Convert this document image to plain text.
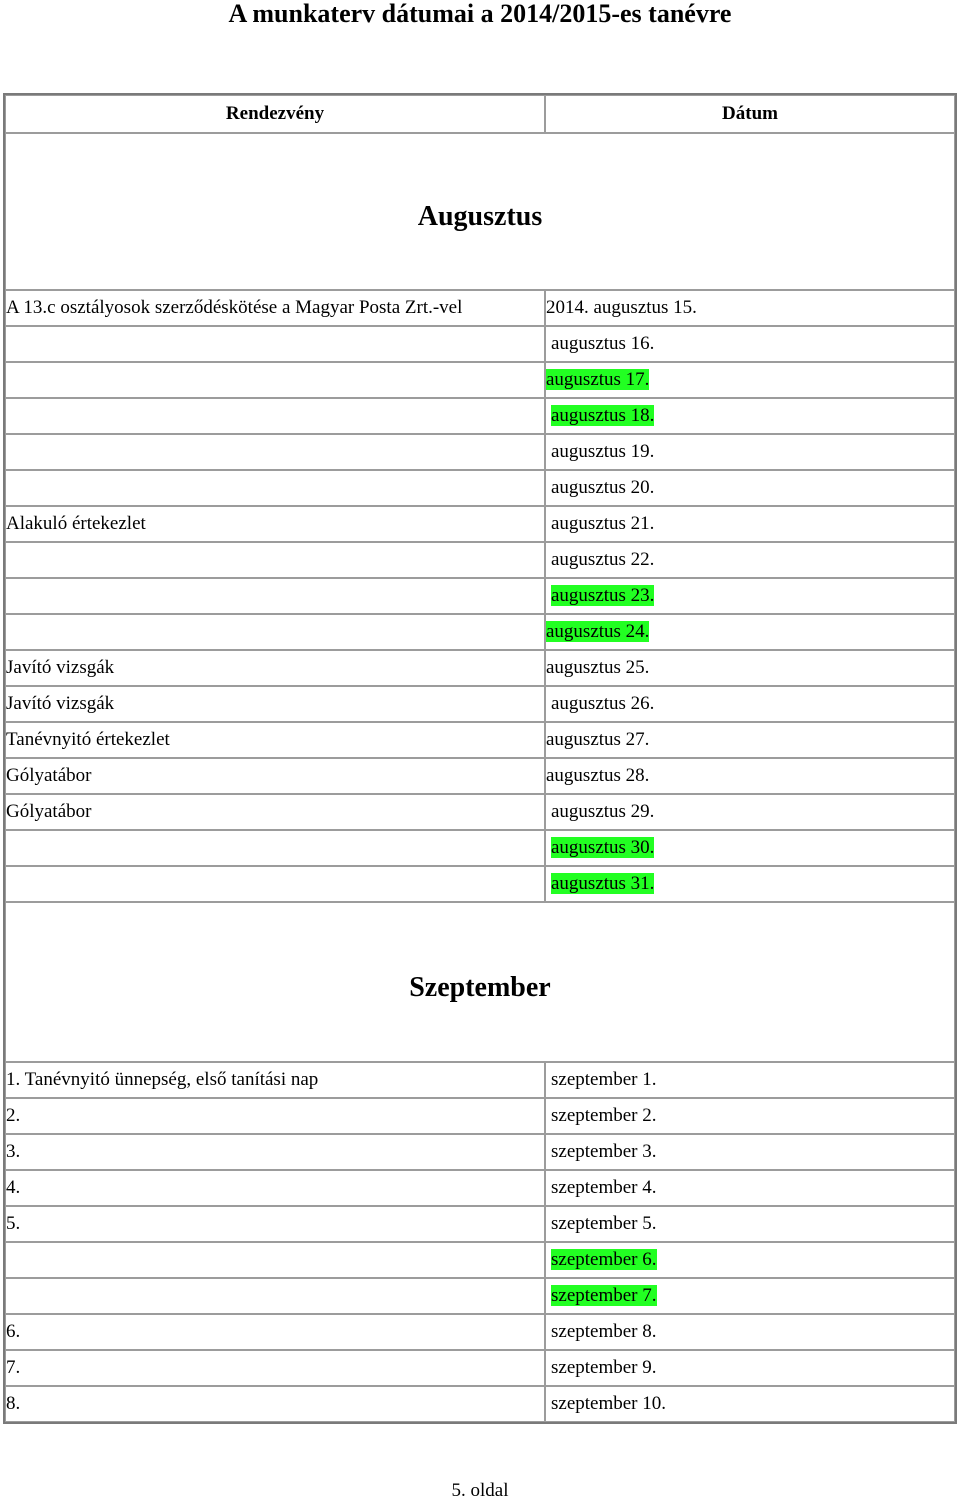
A munkaterv dátumai a 2014/2015-es tanévre
Rendezvény	Dátum
Augusztus	
A 13.c osztályosok szerződéskötése a Magyar Posta Zrt.-vel	2014. augusztus 15.
	augusztus 16.
	augusztus 17.
	augusztus 18.
	augusztus 19.
	augusztus 20.
Alakuló értekezlet	augusztus 21.
	augusztus 22.
	augusztus 23.
	augusztus 24.
Javító vizsgák	augusztus 25.
Javító vizsgák	augusztus 26.
Tanévnyitó értekezlet	augusztus 27.
Gólyatábor	augusztus 28.
Gólyatábor	augusztus 29.
	augusztus 30.
	augusztus 31.
Szeptember	
1. Tanévnyitó ünnepség, első tanítási nap	szeptember 1.
2.	szeptember 2.
3.	szeptember 3.
4.	szeptember 4.
5.	szeptember 5.
	szeptember 6.
	szeptember 7.
6.	szeptember 8.
7.	szeptember 9.
8.	szeptember 10.
5. oldal
